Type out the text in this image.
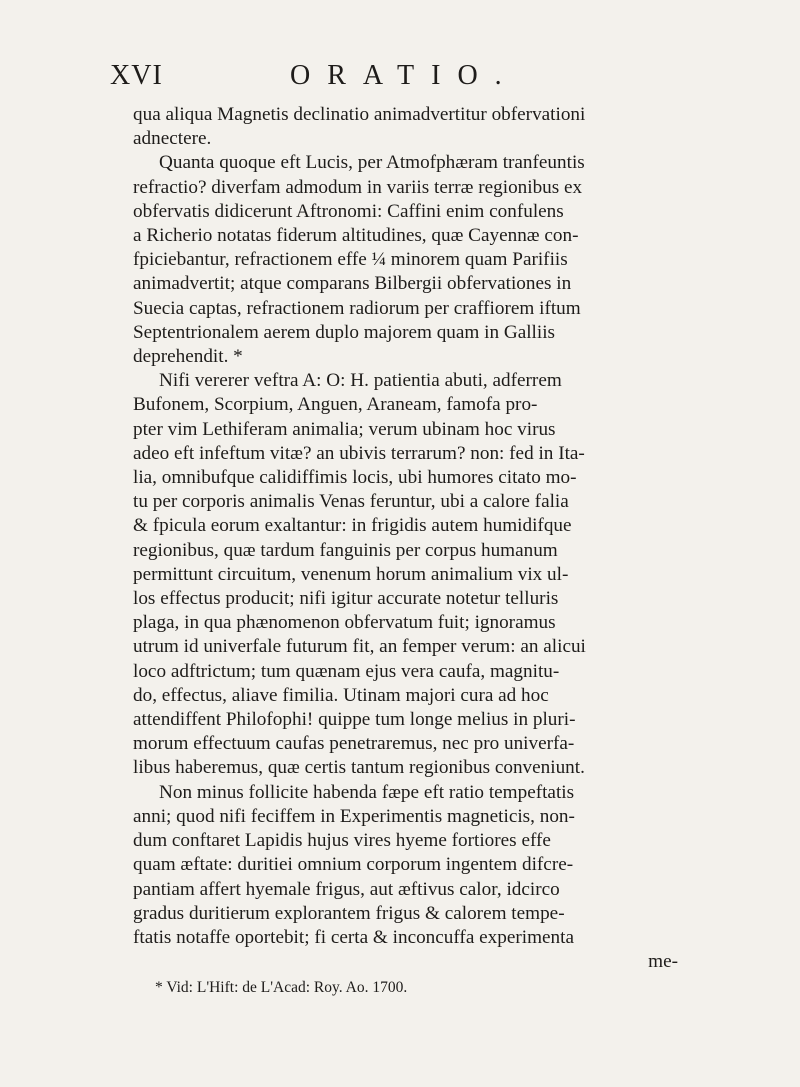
XVI	ORATIO.
qua aliqua Magnetis declinatio animadvertitur obfervationi
adnectere.
Quanta quoque eft Lucis, per Atmofphæram tranfeuntis
refractio? diverfam admodum in variis terræ regionibus ex
obfervatis didicerunt Aftronomi: Caffini enim confulens
a Richerio notatas fiderum altitudines, quæ Cayennæ con-
fpiciebantur, refractionem effe ¼ minorem quam Parifiis
animadvertit; atque comparans Bilbergii obfervationes in
Suecia captas, refractionem radiorum per craffiorem iftum
Septentrionalem aerem duplo majorem quam in Galliis
deprehendit. *
Nifi vererer veftra A: O: H. patientia abuti, adferrem
Bufonem, Scorpium, Anguen, Araneam, famofa pro-
pter vim Lethiferam animalia; verum ubinam hoc virus
adeo eft infeftum vitæ? an ubivis terrarum? non: fed in Ita-
lia, omnibufque calidiffimis locis, ubi humores citato mo-
tu per corporis animalis Venas feruntur, ubi a calore falia
& fpicula eorum exaltantur: in frigidis autem humidifque
regionibus, quæ tardum fanguinis per corpus humanum
permittunt circuitum, venenum horum animalium vix ul-
los effectus producit; nifi igitur accurate notetur telluris
plaga, in qua phænomenon obfervatum fuit; ignoramus
utrum id univerfale futurum fit, an femper verum: an alicui
loco adftrictum; tum quænam ejus vera caufa, magnitu-
do, effectus, aliave fimilia. Utinam majori cura ad hoc
attendiffent Philofophi! quippe tum longe melius in pluri-
morum effectuum caufas penetraremus, nec pro univerfa-
libus haberemus, quæ certis tantum regionibus conveniunt.
Non minus follicite habenda fæpe eft ratio tempeftatis
anni; quod nifi feciffem in Experimentis magneticis, non-
dum conftaret Lapidis hujus vires hyeme fortiores effe
quam æftate: duritiei omnium corporum ingentem difcre-
pantiam affert hyemale frigus, aut æftivus calor, idcirco
gradus duritierum explorantem frigus & calorem tempe-
ftatis notaffe oportebit; fi certa & inconcuffa experimenta
me-
* Vid: L'Hift: de L'Acad: Roy. Ao. 1700.
